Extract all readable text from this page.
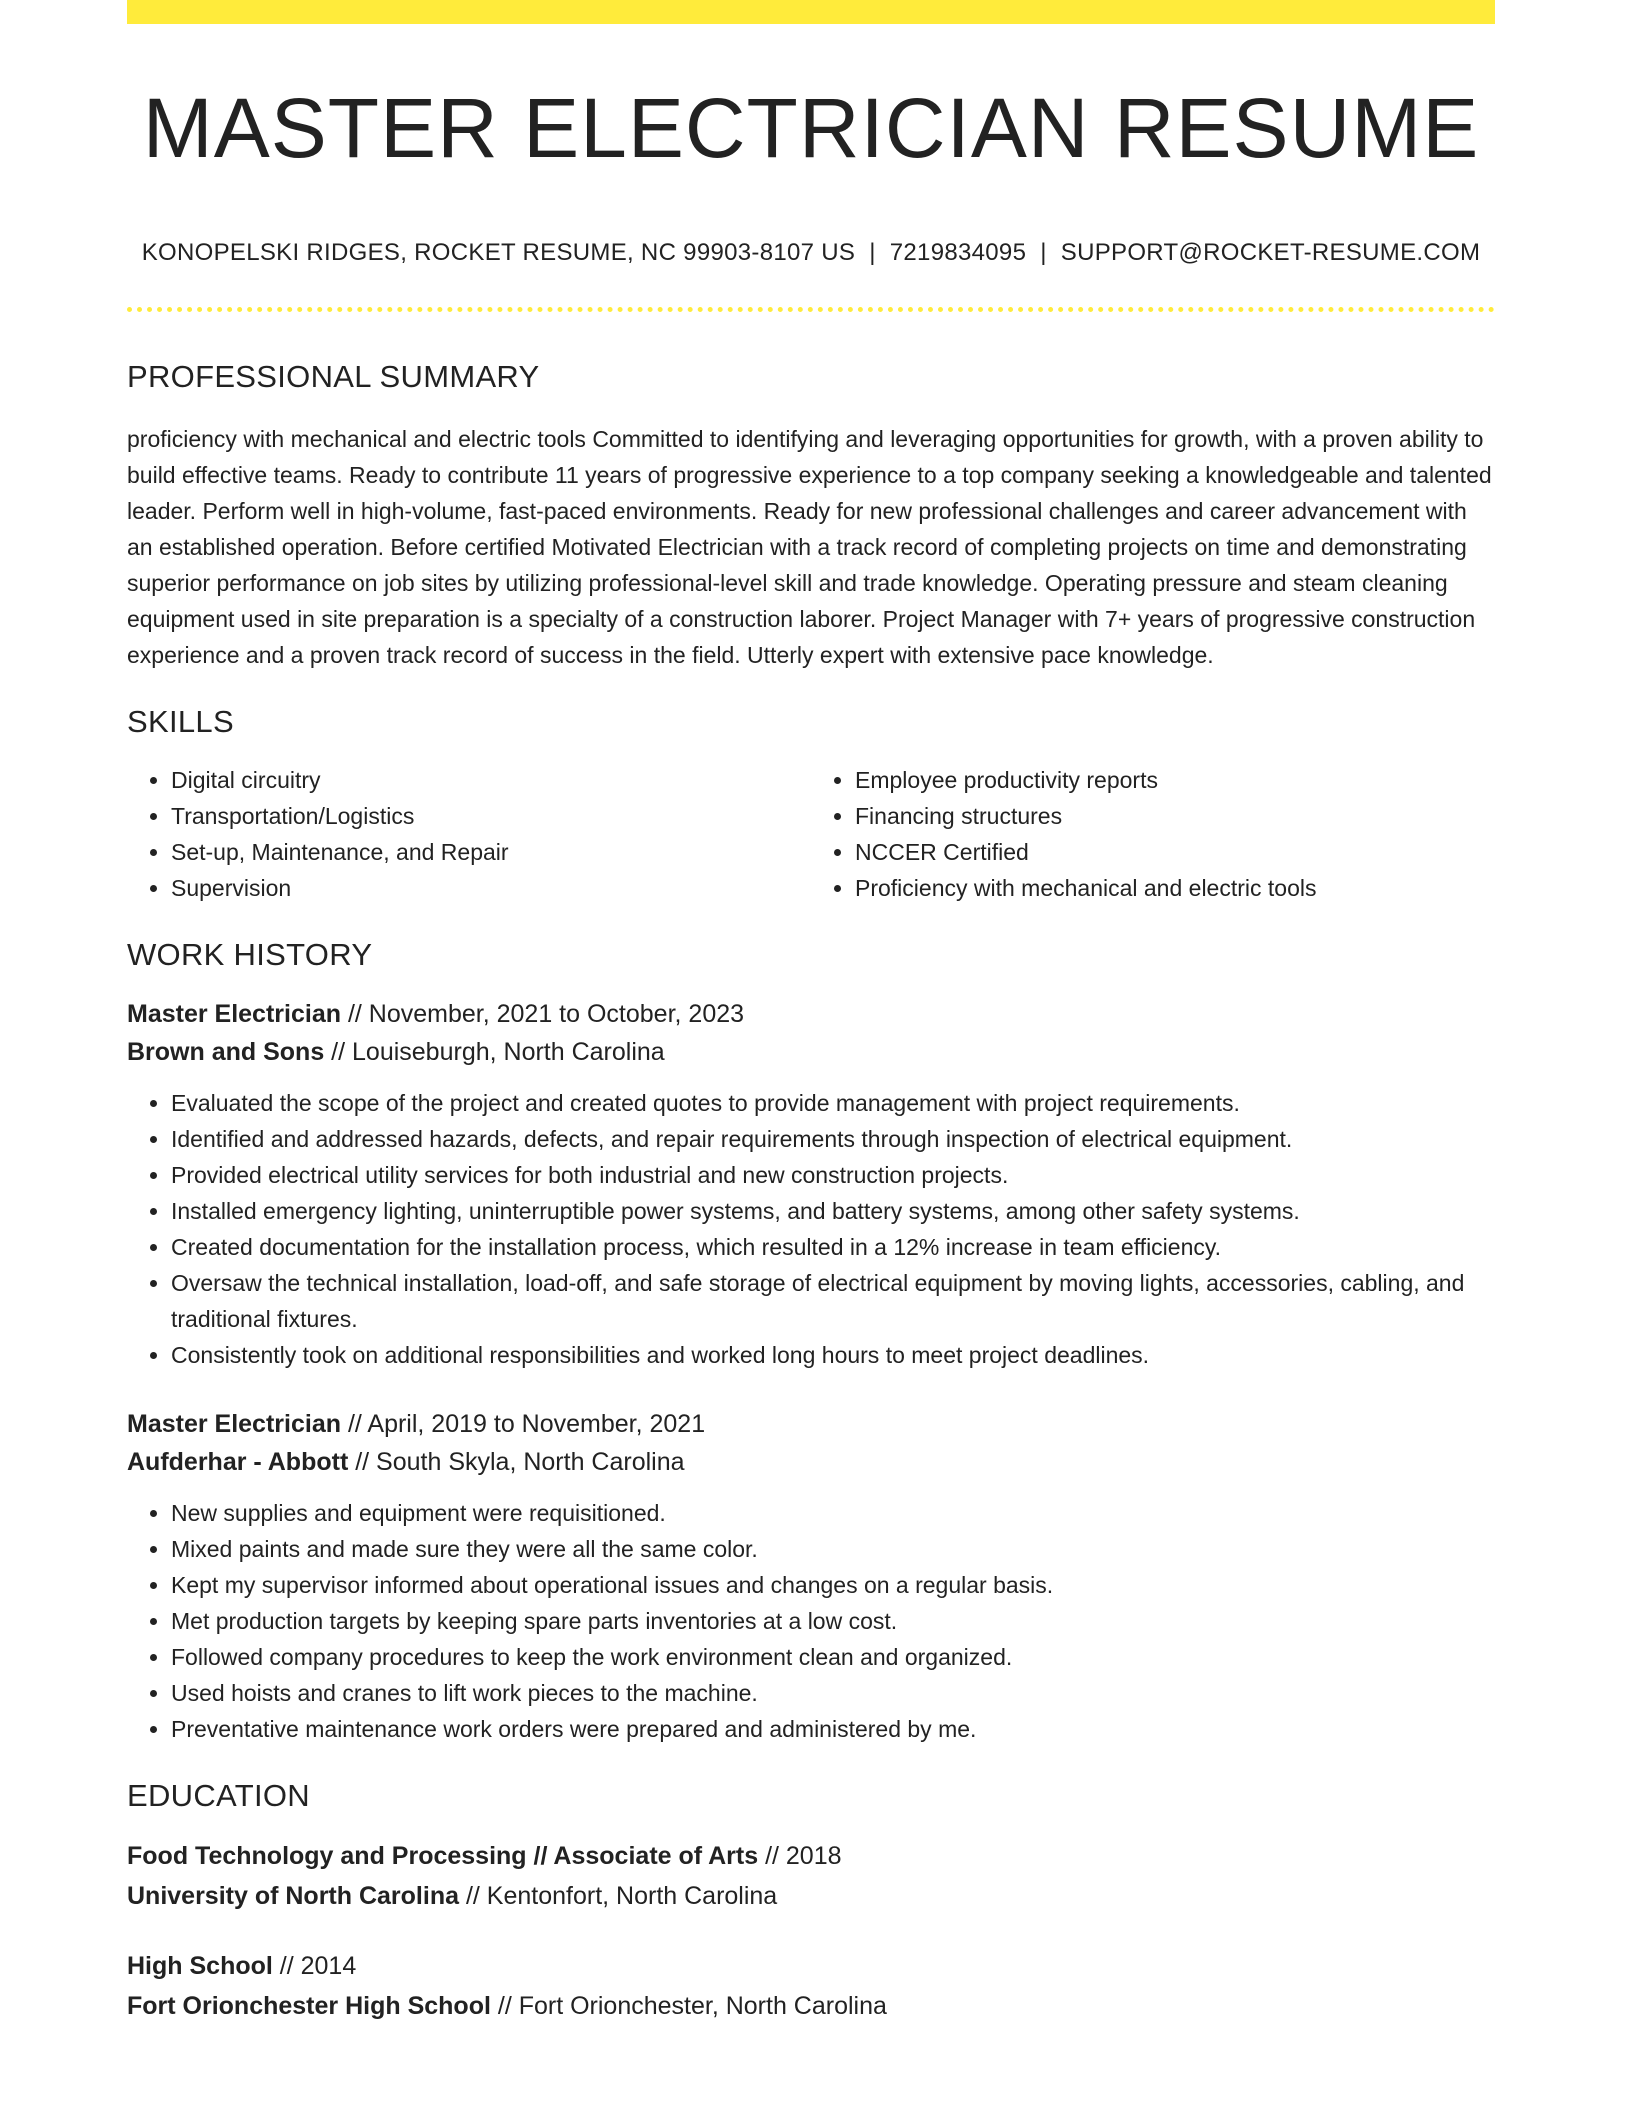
MASTER ELECTRICIAN RESUME
KONOPELSKI RIDGES, ROCKET RESUME, NC 99903-8107 US | 7219834095 | SUPPORT@ROCKET-RESUME.COM
PROFESSIONAL SUMMARY

proficiency with mechanical and electric tools Committed to identifying and leveraging opportunities for growth, with a proven ability to build effective teams. Ready to contribute 11 years of progressive experience to a top company seeking a knowledgeable and talented leader. Perform well in high-volume, fast-paced environments. Ready for new professional challenges and career advancement with an established operation. Before certified Motivated Electrician with a track record of completing projects on time and demonstrating superior performance on job sites by utilizing professional-level skill and trade knowledge. Operating pressure and steam cleaning equipment used in site preparation is a specialty of a construction laborer. Project Manager with 7+ years of progressive construction experience and a proven track record of success in the field. Utterly expert with extensive pace knowledge.

SKILLS
• Digital circuitry
• Transportation/Logistics
• Set-up, Maintenance, and Repair
• Supervision
• Employee productivity reports
• Financing structures
• NCCER Certified
• Proficiency with mechanical and electric tools
WORK HISTORY
Master Electrician // November, 2021 to October, 2023
Brown and Sons // Louiseburgh, North Carolina
• Evaluated the scope of the project and created quotes to provide management with project requirements.
• Identified and addressed hazards, defects, and repair requirements through inspection of electrical equipment.
• Provided electrical utility services for both industrial and new construction projects.
• Installed emergency lighting, uninterruptible power systems, and battery systems, among other safety systems.
• Created documentation for the installation process, which resulted in a 12% increase in team efficiency.
• Oversaw the technical installation, load-off, and safe storage of electrical equipment by moving lights, accessories, cabling, and traditional fixtures.
• Consistently took on additional responsibilities and worked long hours to meet project deadlines.
Master Electrician // April, 2019 to November, 2021
Aufderhar - Abbott // South Skyla, North Carolina
• New supplies and equipment were requisitioned.
• Mixed paints and made sure they were all the same color.
• Kept my supervisor informed about operational issues and changes on a regular basis.
• Met production targets by keeping spare parts inventories at a low cost.
• Followed company procedures to keep the work environment clean and organized.
• Used hoists and cranes to lift work pieces to the machine.
• Preventative maintenance work orders were prepared and administered by me.
EDUCATION
Food Technology and Processing // Associate of Arts // 2018
University of North Carolina // Kentonfort, North Carolina
High School // 2014
Fort Orionchester High School // Fort Orionchester, North Carolina
